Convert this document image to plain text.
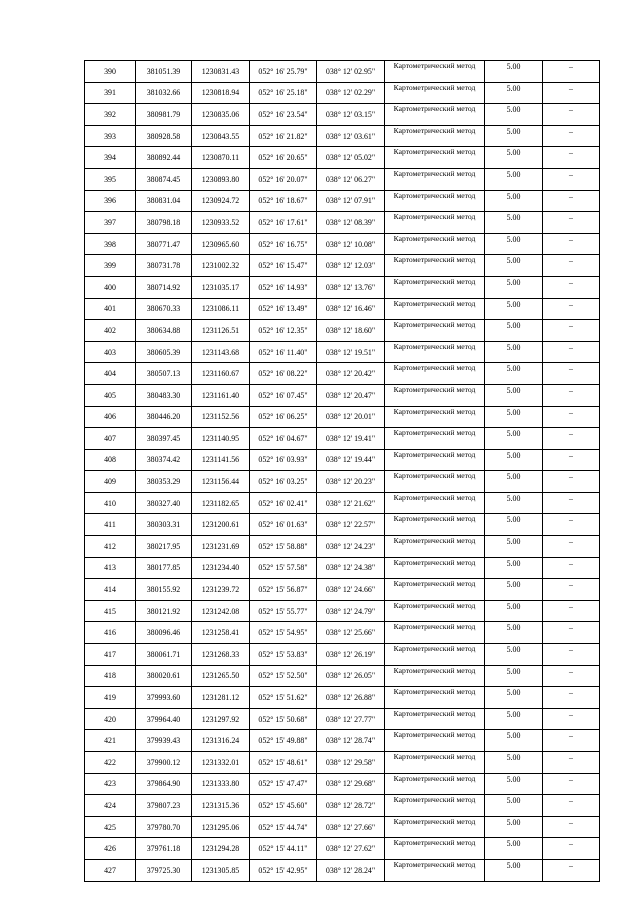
390	381051.39	1230831.43	052° 16' 25.79"	038° 12' 02.95"	Картометрический метод	5.00	–
391	381032.66	1230818.94	052° 16' 25.18"	038° 12' 02.29"	Картометрический метод	5.00	–
392	380981.79	1230835.06	052° 16' 23.54"	038° 12' 03.15"	Картометрический метод	5.00	–
393	380928.58	1230843.55	052° 16' 21.82"	038° 12' 03.61"	Картометрический метод	5.00	–
394	380892.44	1230870.11	052° 16' 20.65"	038° 12' 05.02"	Картометрический метод	5.00	–
395	380874.45	1230893.80	052° 16' 20.07"	038° 12' 06.27"	Картометрический метод	5.00	–
396	380831.04	1230924.72	052° 16' 18.67"	038° 12' 07.91"	Картометрический метод	5.00	–
397	380798.18	1230933.52	052° 16' 17.61"	038° 12' 08.39"	Картометрический метод	5.00	–
398	380771.47	1230965.60	052° 16' 16.75"	038° 12' 10.08"	Картометрический метод	5.00	–
399	380731.78	1231002.32	052° 16' 15.47"	038° 12' 12.03"	Картометрический метод	5.00	–
400	380714.92	1231035.17	052° 16' 14.93"	038° 12' 13.76"	Картометрический метод	5.00	–
401	380670.33	1231086.11	052° 16' 13.49"	038° 12' 16.46"	Картометрический метод	5.00	–
402	380634.88	1231126.51	052° 16' 12.35"	038° 12' 18.60"	Картометрический метод	5.00	–
403	380605.39	1231143.68	052° 16' 11.40"	038° 12' 19.51"	Картометрический метод	5.00	–
404	380507.13	1231160.67	052° 16' 08.22"	038° 12' 20.42"	Картометрический метод	5.00	–
405	380483.30	1231161.40	052° 16' 07.45"	038° 12' 20.47"	Картометрический метод	5.00	–
406	380446.20	1231152.56	052° 16' 06.25"	038° 12' 20.01"	Картометрический метод	5.00	–
407	380397.45	1231140.95	052° 16' 04.67"	038° 12' 19.41"	Картометрический метод	5.00	–
408	380374.42	1231141.56	052° 16' 03.93"	038° 12' 19.44"	Картометрический метод	5.00	–
409	380353.29	1231156.44	052° 16' 03.25"	038° 12' 20.23"	Картометрический метод	5.00	–
410	380327.40	1231182.65	052° 16' 02.41"	038° 12' 21.62"	Картометрический метод	5.00	–
411	380303.31	1231200.61	052° 16' 01.63"	038° 12' 22.57"	Картометрический метод	5.00	–
412	380217.95	1231231.69	052° 15' 58.88"	038° 12' 24.23"	Картометрический метод	5.00	–
413	380177.85	1231234.40	052° 15' 57.58"	038° 12' 24.38"	Картометрический метод	5.00	–
414	380155.92	1231239.72	052° 15' 56.87"	038° 12' 24.66"	Картометрический метод	5.00	–
415	380121.92	1231242.08	052° 15' 55.77"	038° 12' 24.79"	Картометрический метод	5.00	–
416	380096.46	1231258.41	052° 15' 54.95"	038° 12' 25.66"	Картометрический метод	5.00	–
417	380061.71	1231268.33	052° 15' 53.83"	038° 12' 26.19"	Картометрический метод	5.00	–
418	380020.61	1231265.50	052° 15' 52.50"	038° 12' 26.05"	Картометрический метод	5.00	–
419	379993.60	1231281.12	052° 15' 51.62"	038° 12' 26.88"	Картометрический метод	5.00	–
420	379964.40	1231297.92	052° 15' 50.68"	038° 12' 27.77"	Картометрический метод	5.00	–
421	379939.43	1231316.24	052° 15' 49.88"	038° 12' 28.74"	Картометрический метод	5.00	–
422	379900.12	1231332.01	052° 15' 48.61"	038° 12' 29.58"	Картометрический метод	5.00	–
423	379864.90	1231333.80	052° 15' 47.47"	038° 12' 29.68"	Картометрический метод	5.00	–
424	379807.23	1231315.36	052° 15' 45.60"	038° 12' 28.72"	Картометрический метод	5.00	–
425	379780.70	1231295.06	052° 15' 44.74"	038° 12' 27.66"	Картометрический метод	5.00	–
426	379761.18	1231294.28	052° 15' 44.11"	038° 12' 27.62"	Картометрический метод	5.00	–
427	379725.30	1231305.85	052° 15' 42.95"	038° 12' 28.24"	Картометрический метод	5.00	–
